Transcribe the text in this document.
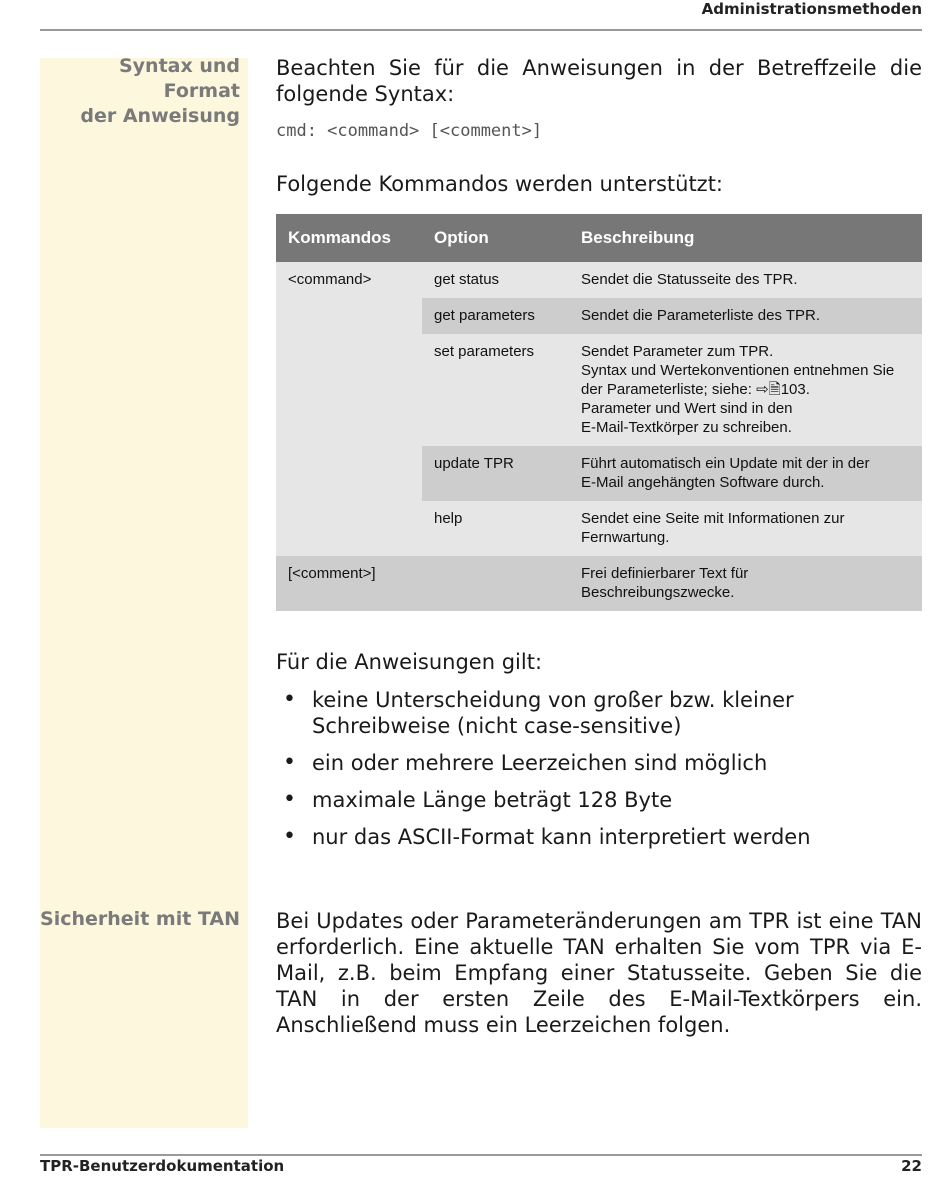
Administrationsmethoden
Syntax und Format
der Anweisung

Beachten Sie für die Anweisungen in der Betreffzeile die folgende Syntax:

cmd: <command> [<comment>]

Folgende Kommandos werden unterstützt:

Kommandos	Option	Beschreibung
<command>	get status	Sendet die Statusseite des TPR.

	get parameters	Sendet die Parameterliste des TPR.

	set parameters	Sendet Parameter zum TPR.
Syntax und Wertekonventionen entnehmen Sie
der Parameterliste; siehe: ⇨🗎103.
Parameter und Wert sind in den
E-Mail-Textkörper zu schreiben.

	update TPR	Führt automatisch ein Update mit der in der
E-Mail angehängten Software durch.

	help	Sendet eine Seite mit Informationen zur
Fernwartung.

[<comment>]		Frei definierbarer Text für
Beschreibungszwecke.

Für die Anweisungen gilt:

• keine Unterscheidung von großer bzw. kleiner Schreibweise (nicht case-sensitive)
• ein oder mehrere Leerzeichen sind möglich
• maximale Länge beträgt 128 Byte
• nur das ASCII-Format kann interpretiert werden
Sicherheit mit TAN Bei Updates oder Parameteränderungen am TPR ist eine TAN erforderlich. Eine aktuelle TAN erhalten Sie vom TPR via E-Mail, z.B. beim Empfang einer Statusseite. Geben Sie die TAN in der ersten Zeile des E-Mail-Textkörpers ein. Anschließend muss ein Leerzeichen folgen.

TPR-Benutzerdokumentation	22
